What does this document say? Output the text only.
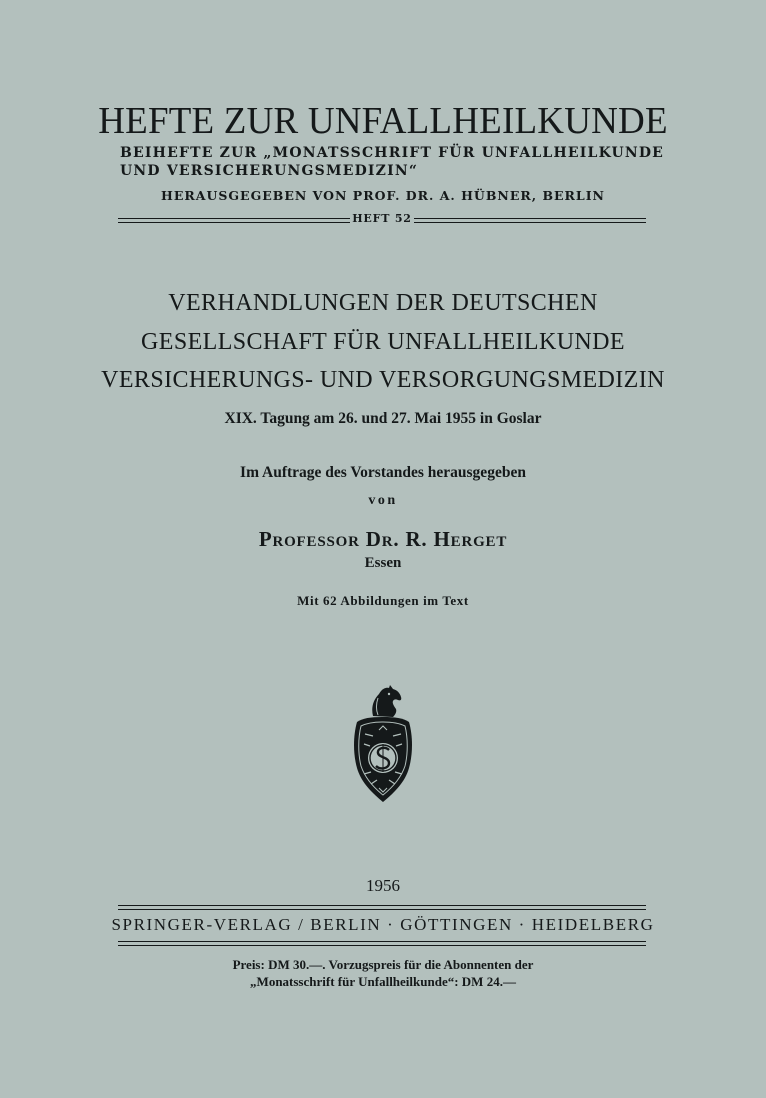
HEFTE ZUR UNFALLHEILKUNDE
BEIHEFTE ZUR „MONATSSCHRIFT FÜR UNFALLHEILKUNDE
UND VERSICHERUNGSMEDIZIN“
HERAUSGEGEBEN VON PROF. DR. A. HÜBNER, BERLIN
HEFT 52
VERHANDLUNGEN DER DEUTSCHEN
GESELLSCHAFT FÜR UNFALLHEILKUNDE
VERSICHERUNGS- UND VERSORGUNGSMEDIZIN
XIX. Tagung am 26. und 27. Mai 1955 in Goslar
Im Auftrage des Vorstandes herausgegeben
von
Professor Dr. R. Herget
Essen
Mit 62 Abbildungen im Text
1956
SPRINGER-VERLAG / BERLIN · GÖTTINGEN · HEIDELBERG
Preis: DM 30.—. Vorzugspreis für die Abonnenten der
„Monatsschrift für Unfallheilkunde“: DM 24.—
